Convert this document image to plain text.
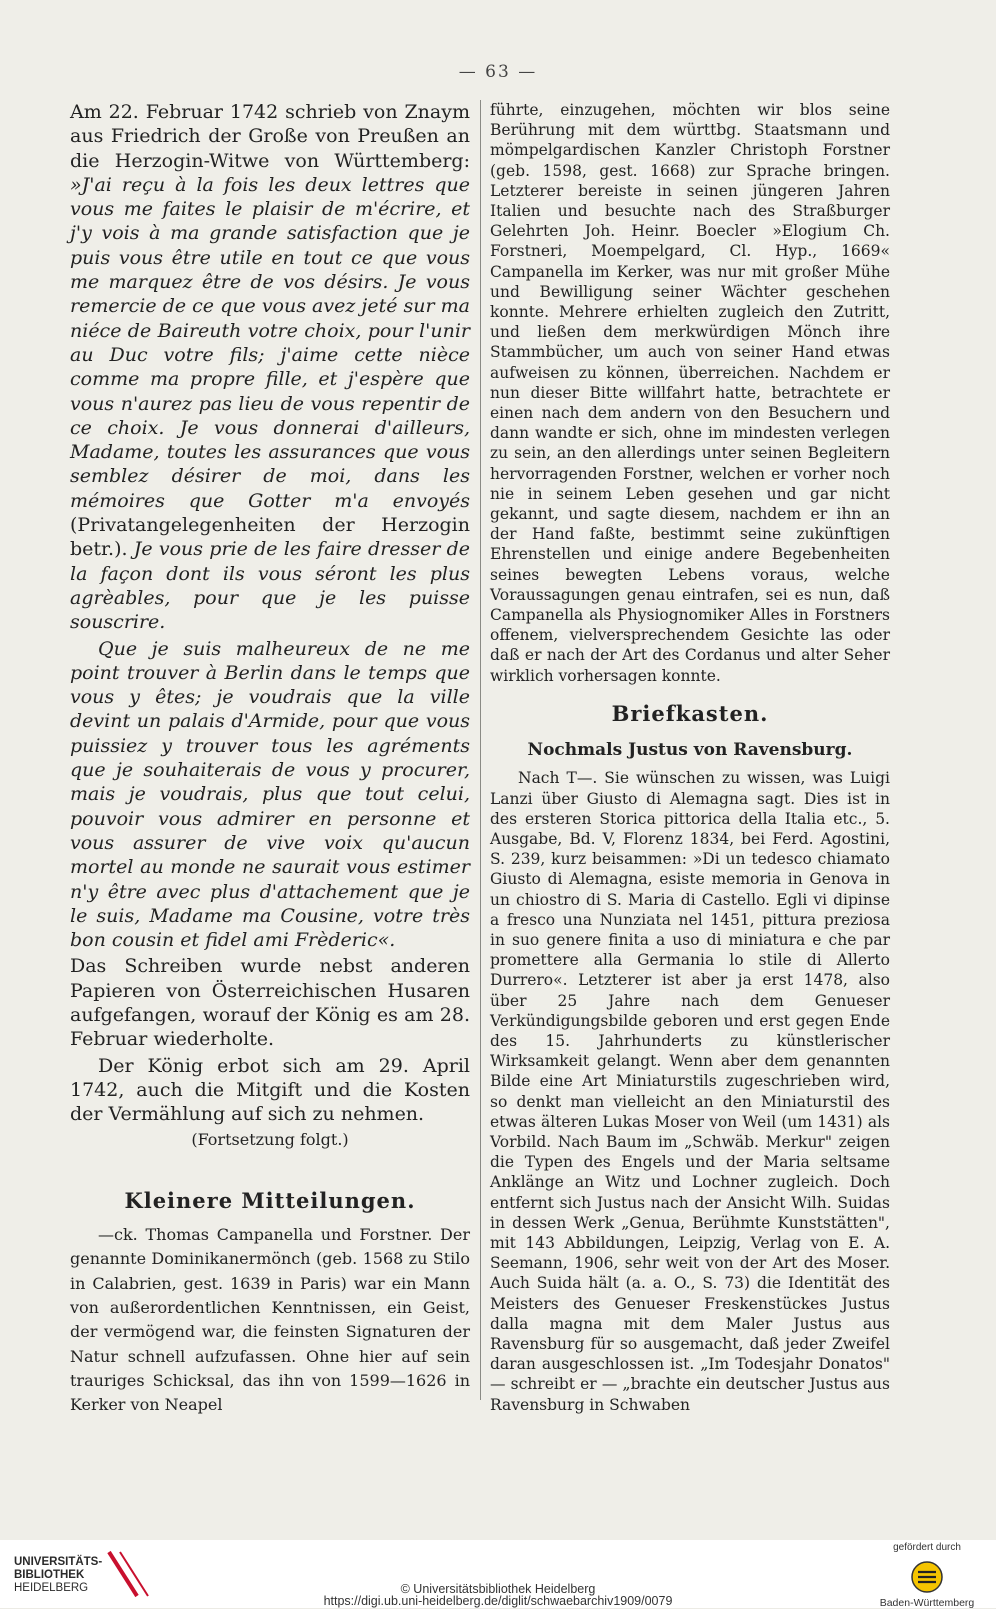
— 63 —

Am 22. Februar 1742 schrieb von Znaym aus Friedrich der Große von Preußen an die Herzogin-Witwe von Württemberg: »J'ai reçu à la fois les deux lettres que vous me faites le plaisir de m'écrire, et j'y vois à ma grande satisfaction que je puis vous être utile en tout ce que vous me marquez être de vos désirs. Je vous remercie de ce que vous avez jeté sur ma niéce de Baireuth votre choix, pour l'unir au Duc votre fils; j'aime cette nièce comme ma propre fille, et j'espère que vous n'aurez pas lieu de vous repentir de ce choix. Je vous donnerai d'ailleurs, Madame, toutes les assurances que vous semblez désirer de moi, dans les mémoires que Gotter m'a envoyés (Privatangelegenheiten der Herzogin betr.). Je vous prie de les faire dresser de la façon dont ils vous séront les plus agrèables, pour que je les puisse souscrire.

Que je suis malheureux de ne me point trouver à Berlin dans le temps que vous y êtes; je voudrais que la ville devint un palais d'Armide, pour que vous puissiez y trouver tous les agréments que je souhaiterais de vous y procurer, mais je voudrais, plus que tout celui, pouvoir vous admirer en personne et vous assurer de vive voix qu'aucun mortel au monde ne saurait vous estimer n'y être avec plus d'attachement que je le suis, Madame ma Cousine, votre très bon cousin et fidel ami Frèderic«.

Das Schreiben wurde nebst anderen Papieren von Österreichischen Husaren aufgefangen, worauf der König es am 28. Februar wiederholte.

Der König erbot sich am 29. April 1742, auch die Mitgift und die Kosten der Vermählung auf sich zu nehmen.

(Fortsetzung folgt.)

Kleinere Mitteilungen.

—ck. Thomas Campanella und Forstner. Der genannte Dominikanermönch (geb. 1568 zu Stilo in Calabrien, gest. 1639 in Paris) war ein Mann von außerordentlichen Kenntnissen, ein Geist, der vermögend war, die feinsten Signaturen der Natur schnell aufzufassen. Ohne hier auf sein trauriges Schicksal, das ihn von 1599—1626 in Kerker von Neapel

führte, einzugehen, möchten wir blos seine Berührung mit dem württbg. Staatsmann und mömpelgardischen Kanzler Christoph Forstner (geb. 1598, gest. 1668) zur Sprache bringen. Letzterer bereiste in seinen jüngeren Jahren Italien und besuchte nach des Straßburger Gelehrten Joh. Heinr. Boecler »Elogium Ch. Forstneri, Moempelgard, Cl. Hyp., 1669« Campanella im Kerker, was nur mit großer Mühe und Bewilligung seiner Wächter geschehen konnte. Mehrere erhielten zugleich den Zutritt, und ließen dem merkwürdigen Mönch ihre Stammbücher, um auch von seiner Hand etwas aufweisen zu können, überreichen. Nachdem er nun dieser Bitte willfahrt hatte, betrachtete er einen nach dem andern von den Besuchern und dann wandte er sich, ohne im mindesten verlegen zu sein, an den allerdings unter seinen Begleitern hervorragenden Forstner, welchen er vorher noch nie in seinem Leben gesehen und gar nicht gekannt, und sagte diesem, nachdem er ihn an der Hand faßte, bestimmt seine zukünftigen Ehrenstellen und einige andere Begebenheiten seines bewegten Lebens voraus, welche Voraussagungen genau eintrafen, sei es nun, daß Campanella als Physiognomiker Alles in Forstners offenem, vielversprechendem Gesichte las oder daß er nach der Art des Cordanus und alter Seher wirklich vorhersagen konnte.

Briefkasten.
Nochmals Justus von Ravensburg.

Nach T—. Sie wünschen zu wissen, was Luigi Lanzi über Giusto di Alemagna sagt. Dies ist in des ersteren Storica pittorica della Italia etc., 5. Ausgabe, Bd. V, Florenz 1834, bei Ferd. Agostini, S. 239, kurz beisammen: »Di un tedesco chiamato Giusto di Alemagna, esiste memoria in Genova in un chiostro di S. Maria di Castello. Egli vi dipinse a fresco una Nunziata nel 1451, pittura preziosa in suo genere finita a uso di miniatura e che par promettere alla Germania lo stile di Allerto Durrero«. Letzterer ist aber ja erst 1478, also über 25 Jahre nach dem Genueser Verkündigungsbilde geboren und erst gegen Ende des 15. Jahrhunderts zu künstlerischer Wirksamkeit gelangt. Wenn aber dem genannten Bilde eine Art Miniaturstils zugeschrieben wird, so denkt man vielleicht an den Miniaturstil des etwas älteren Lukas Moser von Weil (um 1431) als Vorbild. Nach Baum im „Schwäb. Merkur" zeigen die Typen des Engels und der Maria seltsame Anklänge an Witz und Lochner zugleich. Doch entfernt sich Justus nach der Ansicht Wilh. Suidas in dessen Werk „Genua, Berühmte Kunststätten", mit 143 Abbildungen, Leipzig, Verlag von E. A. Seemann, 1906, sehr weit von der Art des Moser. Auch Suida hält (a. a. O., S. 73) die Identität des Meisters des Genueser Freskenstückes Justus dalla magna mit dem Maler Justus aus Ravensburg für so ausgemacht, daß jeder Zweifel daran ausgeschlossen ist. „Im Todesjahr Donatos" — schreibt er — „brachte ein deutscher Justus aus Ravensburg in Schwaben

UNIVERSITÄTS-
BIBLIOTHEK
HEIDELBERG	© Universitätsbibliothek Heidelberg
https://digi.ub.uni-heidelberg.de/diglit/schwaebarchiv1909/0079
gefördert durch
Baden-Württemberg
